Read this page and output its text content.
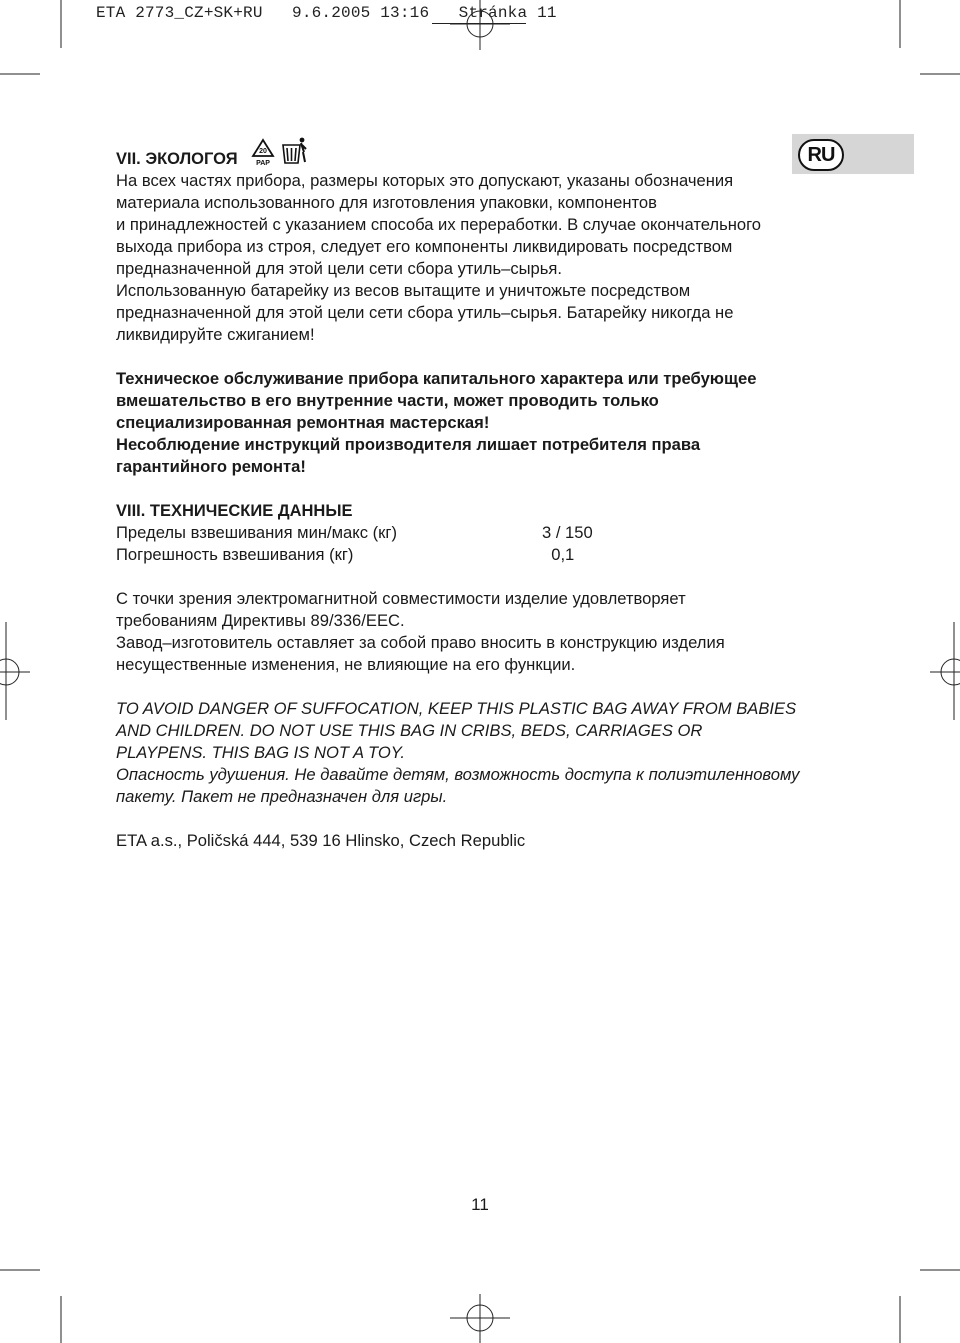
ETA 2773_CZ+SK+RU   9.6.2005 13:16   Stránka 11
RU
VII. ЭКОЛОГОЯ	20
PAP

На всех частях прибора, размеры которых это допускают, указаны обозначения

материала использованного для изготовления упаковки, компонентов

и принадлежностей с указанием способа их переработки. В случае окончательного

выхода прибора из строя, следует его компоненты ликвидировать посредством

предназначенной для этой цели сети сбора утиль–сырья.

Использованную батарейку из весов вытащите и уничтожьте посредством

предназначенной для этой цели сети сбора утиль–сырья. Батарейку никогда не

ликвидируйте сжиганием!

Техническое обслуживание прибора капитального характера или требующее

вмешательство в его внутренние части, может проводить только

специализированная ремонтная мастерская!

Несоблюдение инструкций производителя лишает потребителя права

гарантийного ремонта!

VIII. ТЕХНИЧЕСКИЕ ДАННЫЕ
Пределы взвешивания мин/макс (кг)	3 / 150
Погрешность взвешивания (кг)	0,1

С точки зрения электромагнитной совместимости изделие удовлетворяет

требованиям Директивы 89/336/EEC.

Завод–изготовитель оставляет за собой право вносить в конструкцию изделия

несущественные изменения, не влияющие на его функции.

TO AVOID DANGER OF SUFFOCATION, KEEP THIS PLASTIC BAG AWAY FROM BABIES

AND CHILDREN. DO NOT USE THIS BAG IN CRIBS, BEDS, CARRIAGES OR

PLAYPENS. THIS BAG IS NOT A TOY.

Опасность удушения. Не давайте детям, возможность доступа к полиэтиленновому

пакету. Пакет не предназначен для игры.

ETA a.s., Poličská 444, 539 16 Hlinsko, Czech Republic

11
